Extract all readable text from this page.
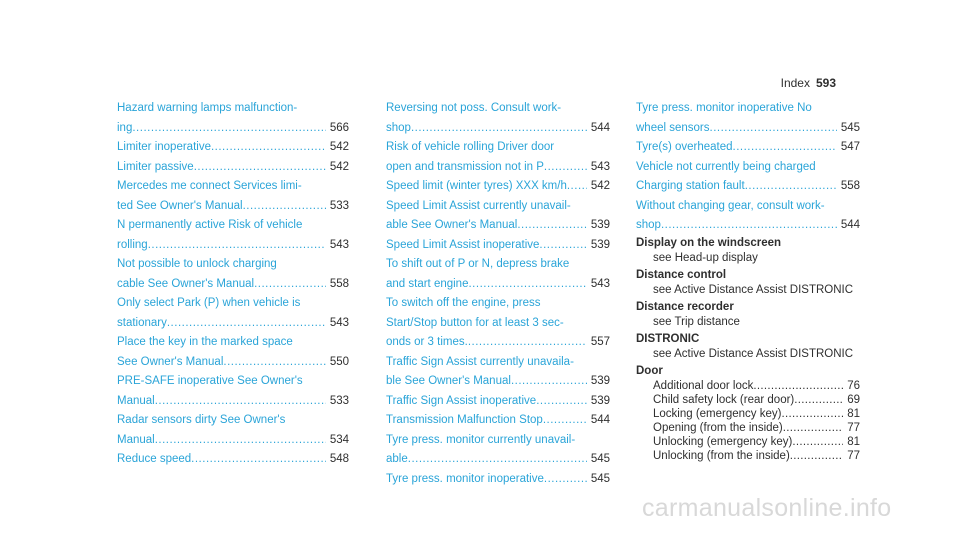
Index 593
Hazard warning lamps malfunction-
ing .....	566
Limiter inoperative .....	542
Limiter passive .....	542
Mercedes me connect Services limi-
ted See Owner's Manual .....	533
N permanently active Risk of vehicle
rolling .....	543
Not possible to unlock charging
cable See Owner's Manual .....	558
Only select Park (P) when vehicle is
stationary .....	543
Place the key in the marked space
See Owner's Manual .....	550
PRE-SAFE inoperative See Owner's
Manual .....	533
Radar sensors dirty See Owner's
Manual .....	534
Reduce speed .....	548
Reversing not poss. Consult work-
shop .....	544
Risk of vehicle rolling Driver door
open and transmission not in P .....	543
Speed limit (winter tyres) XXX km/h .....	542
Speed Limit Assist currently unavail-
able See Owner's Manual .....	539
Speed Limit Assist inoperative .....	539
To shift out of P or N, depress brake
and start engine .....	543
To switch off the engine, press
Start/Stop button for at least 3 sec-
onds or 3 times. .....	557
Traffic Sign Assist currently unavaila-
ble See Owner's Manual .....	539
Traffic Sign Assist inoperative .....	539
Transmission Malfunction Stop .....	544
Tyre press. monitor currently unavail-
able .....	545
Tyre press. monitor inoperative .....	545
Tyre press. monitor inoperative No
wheel sensors .....	545
Tyre(s) overheated .....	547
Vehicle not currently being charged
Charging station fault .....	558
Without changing gear, consult work-
shop .....	544
Display on the windscreen
see Head-up display
Distance control
see Active Distance Assist DISTRONIC
Distance recorder
see Trip distance
DISTRONIC
see Active Distance Assist DISTRONIC
Door
Additional door lock .....	76
Child safety lock (rear door) .....	69
Locking (emergency key) .....	81
Opening (from the inside) .....	77
Unlocking (emergency key) .....	81
Unlocking (from the inside) .....	77
carmanualsonline.info
